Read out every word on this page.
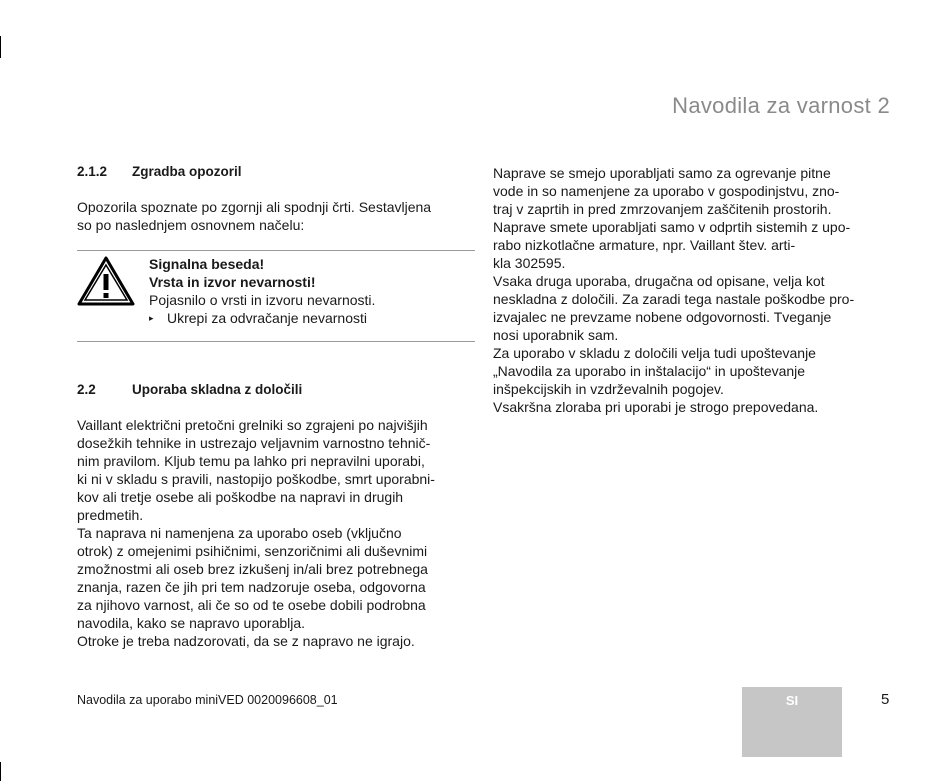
Navodila za varnost 2
2.1.2	Zgradba opozoril

Opozorila spoznate po zgornji ali spodnji črti. Sestavljena
so po naslednjem osnovnem načelu:

Signalna beseda!
Vrsta in izvor nevarnosti!
Pojasnilo o vrsti in izvoru nevarnosti.
▸ Ukrepi za odvračanje nevarnosti
2.2	Uporaba skladna z določili

Vaillant električni pretočni grelniki so zgrajeni po najvišjih
dosežkih tehnike in ustrezajo veljavnim varnostno tehnič-
nim pravilom. Kljub temu pa lahko pri nepravilni uporabi,
ki ni v skladu s pravili, nastopijo poškodbe, smrt uporabni-
kov ali tretje osebe ali poškodbe na napravi in drugih
predmetih.

Ta naprava ni namenjena za uporabo oseb (vključno
otrok) z omejenimi psihičnimi, senzoričnimi ali duševnimi
zmožnostmi ali oseb brez izkušenj in/ali brez potrebnega
znanja, razen če jih pri tem nadzoruje oseba, odgovorna
za njihovo varnost, ali če so od te osebe dobili podrobna
navodila, kako se napravo uporablja.

Otroke je treba nadzorovati, da se z napravo ne igrajo.

Naprave se smejo uporabljati samo za ogrevanje pitne
vode in so namenjene za uporabo v gospodinjstvu, zno-
traj v zaprtih in pred zmrzovanjem zaščitenih prostorih.

Naprave smete uporabljati samo v odprtih sistemih z upo-
rabo nizkotlačne armature, npr. Vaillant štev. arti-
kla 302595.

Vsaka druga uporaba, drugačna od opisane, velja kot
neskladna z določili. Za zaradi tega nastale poškodbe pro-
izvajalec ne prevzame nobene odgovornosti. Tveganje
nosi uporabnik sam.

Za uporabo v skladu z določili velja tudi upoštevanje
„Navodila za uporabo in inštalacijo“ in upoštevanje
inšpekcijskih in vzdrževalnih pogojev.

Vsakršna zloraba pri uporabi je strogo prepovedana.

Navodila za uporabo miniVED 0020096608_01	SI	5
